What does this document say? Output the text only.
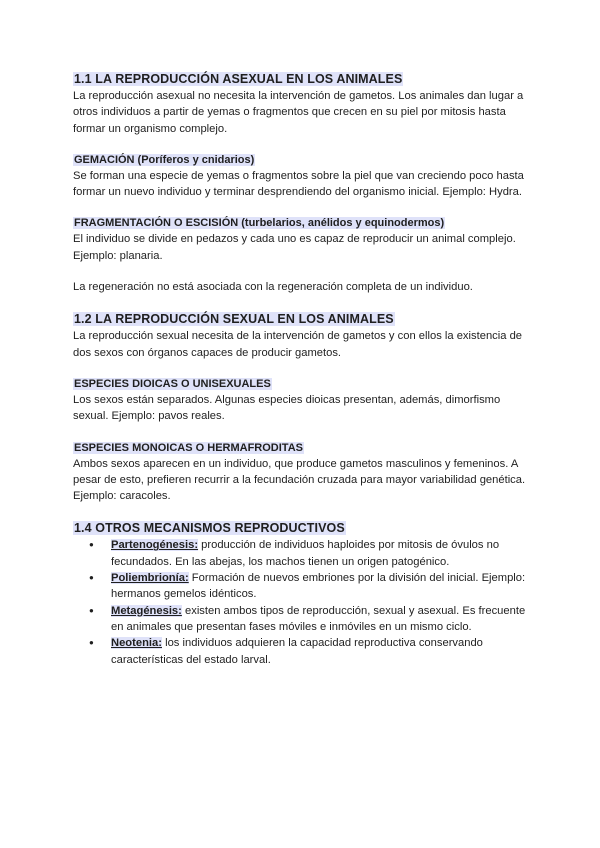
1.1 LA REPRODUCCIÓN ASEXUAL EN LOS ANIMALES

La reproducción asexual no necesita la intervención de gametos. Los animales dan lugar a otros individuos a partir de yemas o fragmentos que crecen en su piel por mitosis hasta formar un organismo complejo.

GEMACIÓN (Poríferos y cnidarios)

Se forman una especie de yemas o fragmentos sobre la piel que van creciendo poco hasta formar un nuevo individuo y terminar desprendiendo del organismo inicial. Ejemplo: Hydra.

FRAGMENTACIÓN O ESCISIÓN (turbelarios, anélidos y equinodermos)

El individuo se divide en pedazos y cada uno es capaz de reproducir un animal complejo. Ejemplo: planaria.

La regeneración no está asociada con la regeneración completa de un individuo.

1.2 LA REPRODUCCIÓN SEXUAL EN LOS ANIMALES

La reproducción sexual necesita de la intervención de gametos y con ellos la existencia de dos sexos con órganos capaces de producir gametos.

ESPECIES DIOICAS O UNISEXUALES

Los sexos están separados. Algunas especies dioicas presentan, además, dimorfismo sexual. Ejemplo: pavos reales.

ESPECIES MONOICAS O HERMAFRODITAS

Ambos sexos aparecen en un individuo, que produce gametos masculinos y femeninos. A pesar de esto, prefieren recurrir a la fecundación cruzada para mayor variabilidad genética. Ejemplo: caracoles.

1.4 OTROS MECANISMOS REPRODUCTIVOS
● Partenogénesis: producción de individuos haploides por mitosis de óvulos no fecundados. En las abejas, los machos tienen un origen patogénico.
● Poliembrionía: Formación de nuevos embriones por la división del inicial. Ejemplo: hermanos gemelos idénticos.
● Metagénesis: existen ambos tipos de reproducción, sexual y asexual. Es frecuente en animales que presentan fases móviles e inmóviles en un mismo ciclo.
● Neotenia: los individuos adquieren la capacidad reproductiva conservando características del estado larval.
